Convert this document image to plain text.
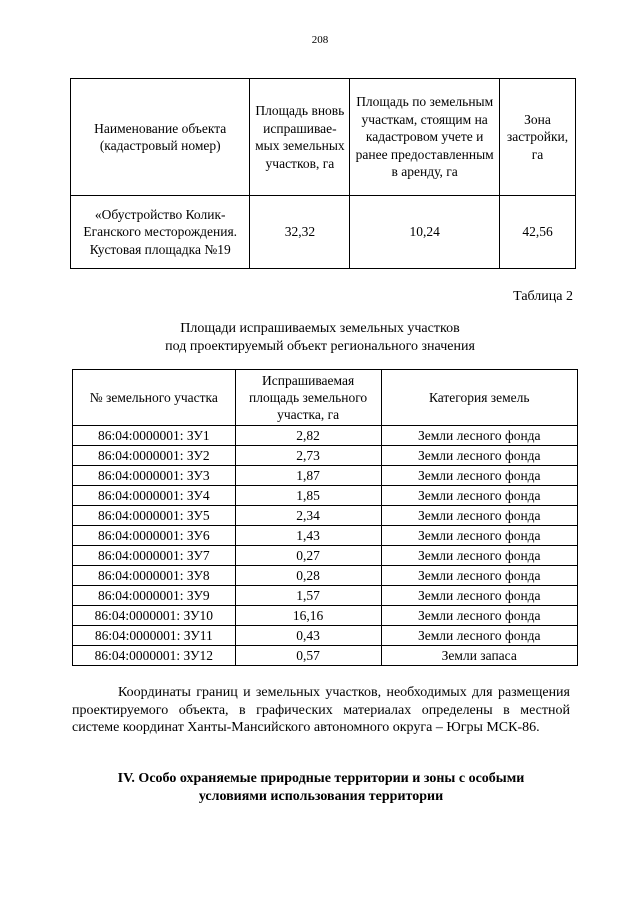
208
Наименование объекта (кадастровый номер)	Площадь вновь испрашивае-мых земельных участков, га	Площадь по земельным участкам, стоящим на кадастровом учете и ранее предоставленным в аренду, га	Зона застройки, га
«Обустройство Колик-Еганского месторождения. Кустовая площадка №19	32,32	10,24	42,56
Таблица 2
Площади испрашиваемых земельных участков
под проектируемый объект регионального значения
№ земельного участка	Испрашиваемая площадь земельного участка, га	Категория земель
86:04:0000001: ЗУ1	2,82	Земли лесного фонда
86:04:0000001: ЗУ2	2,73	Земли лесного фонда
86:04:0000001: ЗУ3	1,87	Земли лесного фонда
86:04:0000001: ЗУ4	1,85	Земли лесного фонда
86:04:0000001: ЗУ5	2,34	Земли лесного фонда
86:04:0000001: ЗУ6	1,43	Земли лесного фонда
86:04:0000001: ЗУ7	0,27	Земли лесного фонда
86:04:0000001: ЗУ8	0,28	Земли лесного фонда
86:04:0000001: ЗУ9	1,57	Земли лесного фонда
86:04:0000001: ЗУ10	16,16	Земли лесного фонда
86:04:0000001: ЗУ11	0,43	Земли лесного фонда
86:04:0000001: ЗУ12	0,57	Земли запаса
Координаты границ и земельных участков, необходимых для размещения проектируемого объекта, в графических материалах определены в местной системе координат Ханты-Мансийского автономного округа – Югры МСК-86.
IV. Особо охраняемые природные территории и зоны с особыми
условиями использования территории
